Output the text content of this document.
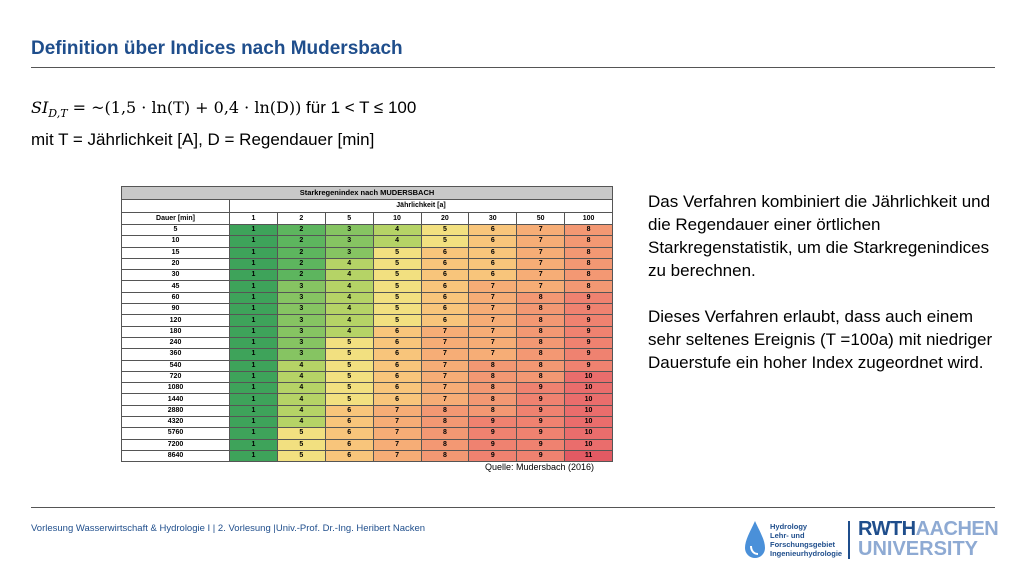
Definition über Indices nach Mudersbach
$SI_{D,T}$ = ~(1,5 · ln(T) + 0,4 · ln(D)) für 1 < T ≤ 100
mit T = Jährlichkeit [A], D = Regendauer [min]
Starkregenindex nach MUDERSBACH								
	Jährlichkeit [a]							
Dauer [min]	1	2	5	10	20	30	50	100
5	1	2	3	4	5	6	7	8
10	1	2	3	4	5	6	7	8
15	1	2	3	5	6	6	7	8
20	1	2	4	5	6	6	7	8
30	1	2	4	5	6	6	7	8
45	1	3	4	5	6	7	7	8
60	1	3	4	5	6	7	8	9
90	1	3	4	5	6	7	8	9
120	1	3	4	5	6	7	8	9
180	1	3	4	6	7	7	8	9
240	1	3	5	6	7	7	8	9
360	1	3	5	6	7	7	8	9
540	1	4	5	6	7	8	8	9
720	1	4	5	6	7	8	8	10
1080	1	4	5	6	7	8	9	10
1440	1	4	5	6	7	8	9	10
2880	1	4	6	7	8	8	9	10
4320	1	4	6	7	8	9	9	10
5760	1	5	6	7	8	9	9	10
7200	1	5	6	7	8	9	9	10
8640	1	5	6	7	8	9	9	11
Quelle: Mudersbach (2016)

Das Verfahren kombiniert die Jährlichkeit und die Regendauer einer örtlichen Starkregenstatistik, um die Starkregenindices zu berechnen.

Dieses Verfahren erlaubt, dass auch einem sehr seltenes Ereignis (T =100a) mit niedriger Dauerstufe ein hoher Index zugeordnet wird.

Vorlesung Wasserwirtschaft & Hydrologie I | 2. Vorlesung |Univ.-Prof. Dr.-Ing. Heribert Nacken	Hydrology
Lehr- und
Forschungsgebiet
Ingenieurhydrologie
RWTHAACHEN
UNIVERSITY
